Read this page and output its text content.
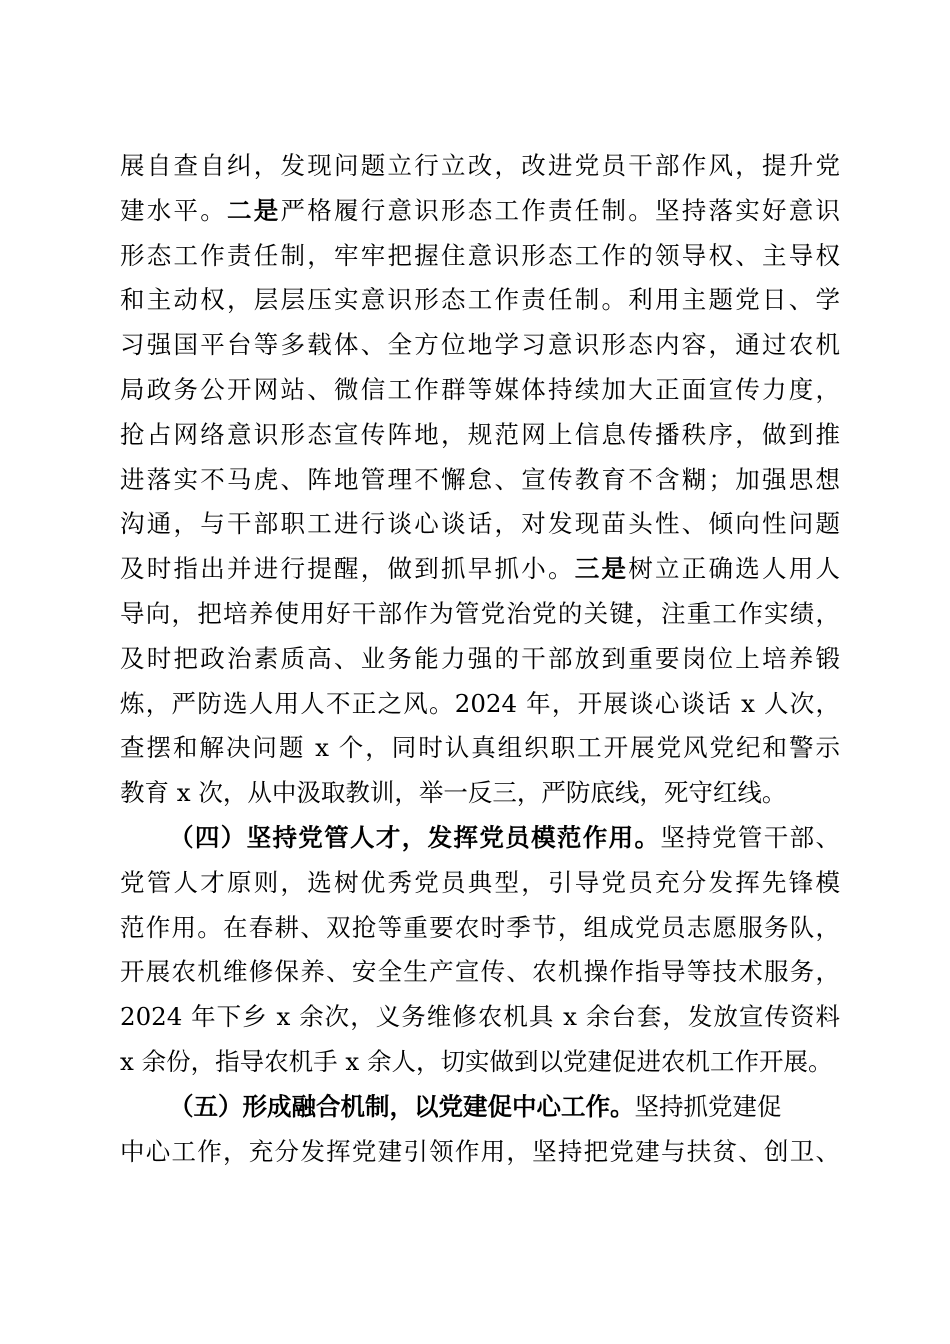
展自查自纠，发现问题立行立改，改进党员干部作风，提升党
建水平。二是严格履行意识形态工作责任制。坚持落实好意识
形态工作责任制，牢牢把握住意识形态工作的领导权、主导权
和主动权，层层压实意识形态工作责任制。利用主题党日、学
习强国平台等多载体、全方位地学习意识形态内容，通过农机
局政务公开网站、微信工作群等媒体持续加大正面宣传力度，
抢占网络意识形态宣传阵地，规范网上信息传播秩序，做到推
进落实不马虎、阵地管理不懈怠、宣传教育不含糊；加强思想
沟通，与干部职工进行谈心谈话，对发现苗头性、倾向性问题
及时指出并进行提醒，做到抓早抓小。三是树立正确选人用人
导向，把培养使用好干部作为管党治党的关键，注重工作实绩，
及时把政治素质高、业务能力强的干部放到重要岗位上培养锻
炼，严防选人用人不正之风。2024 年，开展谈心谈话 x 人次，
查摆和解决问题 x 个，同时认真组织职工开展党风党纪和警示
教育 x 次，从中汲取教训，举一反三，严防底线，死守红线。
（四）坚持党管人才，发挥党员模范作用。坚持党管干部、
党管人才原则，选树优秀党员典型，引导党员充分发挥先锋模
范作用。在春耕、双抢等重要农时季节，组成党员志愿服务队，
开展农机维修保养、安全生产宣传、农机操作指导等技术服务，
2024 年下乡 x 余次，义务维修农机具 x 余台套，发放宣传资料
x 余份，指导农机手 x 余人，切实做到以党建促进农机工作开展。
（五）形成融合机制，以党建促中心工作。坚持抓党建促
中心工作，充分发挥党建引领作用，坚持把党建与扶贫、创卫、
